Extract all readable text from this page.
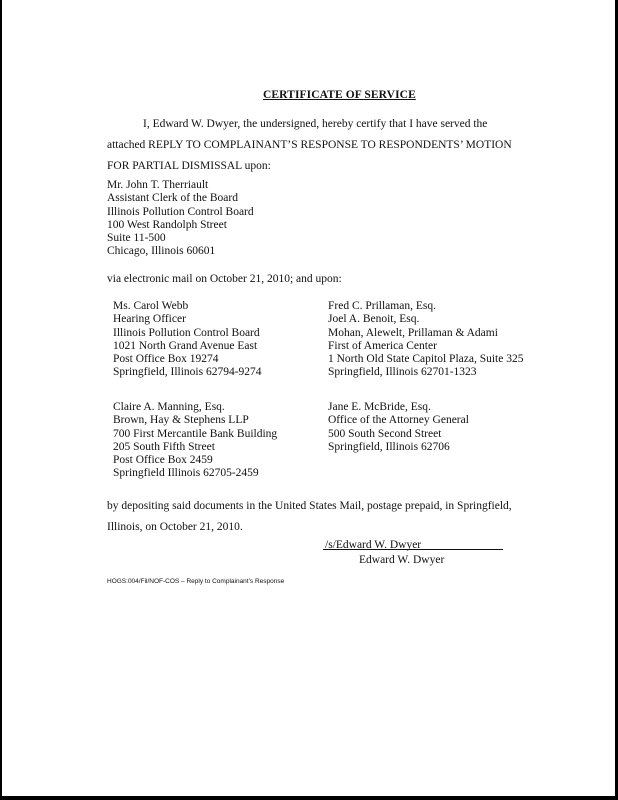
CERTIFICATE OF SERVICE
I, Edward W. Dwyer, the undersigned, hereby certify that I have served the
attached REPLY TO COMPLAINANT’S RESPONSE TO RESPONDENTS’ MOTION
FOR PARTIAL DISMISSAL upon:
Mr. John T. Therriault
Assistant Clerk of the Board
Illinois Pollution Control Board
100 West Randolph Street
Suite 11-500
Chicago, Illinois 60601
via electronic mail on October 21, 2010; and upon:
Ms. Carol Webb
Hearing Officer
Illinois Pollution Control Board
1021 North Grand Avenue East
Post Office Box 19274
Springfield, Illinois 62794-9274
Fred C. Prillaman, Esq.
Joel A. Benoit, Esq.
Mohan, Alewelt, Prillaman & Adami
First of America Center
1 North Old State Capitol Plaza, Suite 325
Springfield, Illinois 62701-1323
Claire A. Manning, Esq.
Brown, Hay & Stephens LLP
700 First Mercantile Bank Building
205 South Fifth Street
Post Office Box 2459
Springfield Illinois 62705-2459
Jane E. McBride, Esq.
Office of the Attorney General
500 South Second Street
Springfield, Illinois 62706
by depositing said documents in the United States Mail, postage prepaid, in Springfield,
Illinois, on October 21, 2010.
/s/Edward W. Dwyer
Edward W. Dwyer
HOGS:004/Fil/NOF-COS – Reply to Complainant’s Response
